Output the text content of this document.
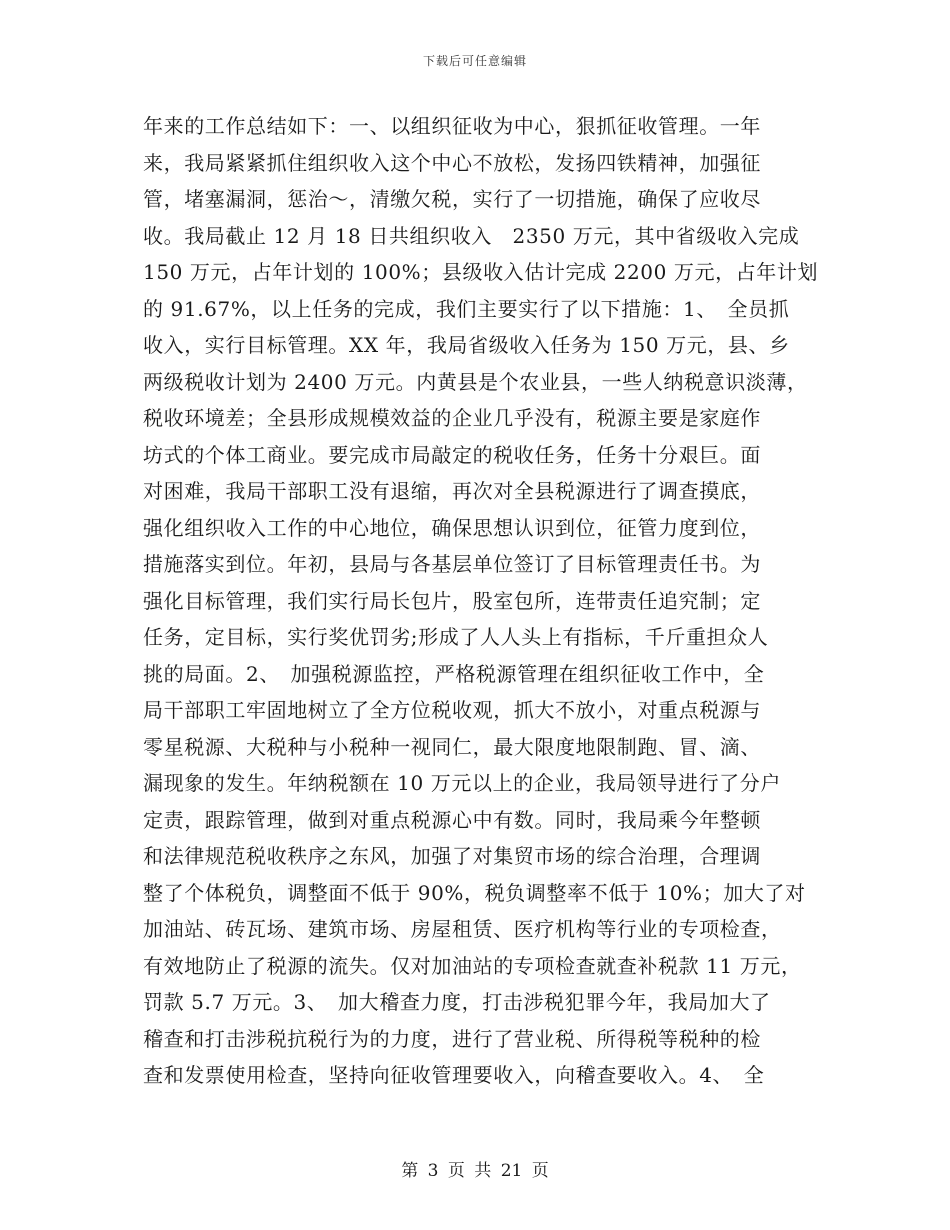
下载后可任意编辑
年来的工作总结如下：一、以组织征收为中心，狠抓征收管理。一年
来，我局紧紧抓住组织收入这个中心不放松，发扬四铁精神，加强征
管，堵塞漏洞，惩治～，清缴欠税，实行了一切措施，确保了应收尽
收。我局截止 12 月 18 日共组织收入　2350 万元，其中省级收入完成
150 万元，占年计划的 100%；县级收入估计完成 2200 万元，占年计划
的 91.67%，以上任务的完成，我们主要实行了以下措施：1、　全员抓
收入，实行目标管理。XX 年，我局省级收入任务为 150 万元，县、乡
两级税收计划为 2400 万元。内黄县是个农业县，一些人纳税意识淡薄，
税收环境差；全县形成规模效益的企业几乎没有，税源主要是家庭作
坊式的个体工商业。要完成市局敲定的税收任务，任务十分艰巨。面
对困难，我局干部职工没有退缩，再次对全县税源进行了调查摸底，
强化组织收入工作的中心地位，确保思想认识到位，征管力度到位，
措施落实到位。年初，县局与各基层单位签订了目标管理责任书。为
强化目标管理，我们实行局长包片，股室包所，连带责任追究制；定
任务，定目标，实行奖优罚劣;形成了人人头上有指标，千斤重担众人
挑的局面。2、　加强税源监控，严格税源管理在组织征收工作中，全
局干部职工牢固地树立了全方位税收观，抓大不放小，对重点税源与
零星税源、大税种与小税种一视同仁，最大限度地限制跑、冒、滴、
漏现象的发生。年纳税额在 10 万元以上的企业，我局领导进行了分户
定责，跟踪管理，做到对重点税源心中有数。同时，我局乘今年整顿
和法律规范税收秩序之东风，加强了对集贸市场的综合治理，合理调
整了个体税负，调整面不低于 90%，税负调整率不低于 10%；加大了对
加油站、砖瓦场、建筑市场、房屋租赁、医疗机构等行业的专项检查，
有效地防止了税源的流失。仅对加油站的专项检查就查补税款 11 万元，
罚款 5.7 万元。3、　加大稽查力度，打击涉税犯罪今年，我局加大了
稽查和打击涉税抗税行为的力度，进行了营业税、所得税等税种的检
查和发票使用检查，坚持向征收管理要收入，向稽查要收入。4、　全
第 3 页 共 21 页
